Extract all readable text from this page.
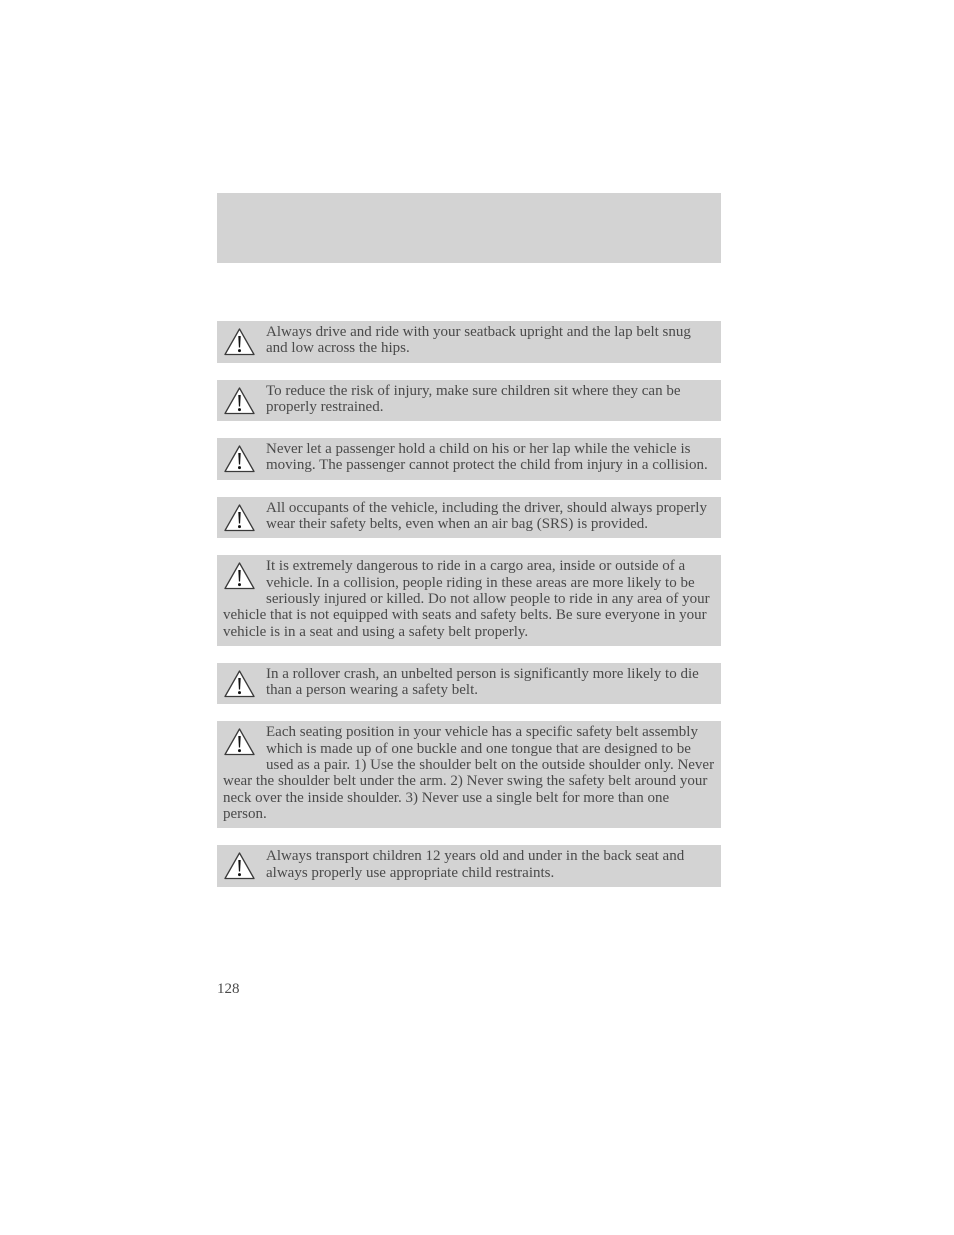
Always drive and ride with your seatback upright and the lap belt snug and low across the hips.
To reduce the risk of injury, make sure children sit where they can be properly restrained.
Never let a passenger hold a child on his or her lap while the vehicle is moving. The passenger cannot protect the child from injury in a collision.
All occupants of the vehicle, including the driver, should always properly wear their safety belts, even when an air bag (SRS) is provided.
It is extremely dangerous to ride in a cargo area, inside or outside of a vehicle. In a collision, people riding in these areas are more likely to be seriously injured or killed. Do not allow people to ride in any area of your vehicle that is not equipped with seats and safety belts. Be sure everyone in your vehicle is in a seat and using a safety belt properly.
In a rollover crash, an unbelted person is significantly more likely to die than a person wearing a safety belt.
Each seating position in your vehicle has a specific safety belt assembly which is made up of one buckle and one tongue that are designed to be used as a pair. 1) Use the shoulder belt on the outside shoulder only. Never wear the shoulder belt under the arm. 2) Never swing the safety belt around your neck over the inside shoulder. 3) Never use a single belt for more than one person.
Always transport children 12 years old and under in the back seat and always properly use appropriate child restraints.
128
